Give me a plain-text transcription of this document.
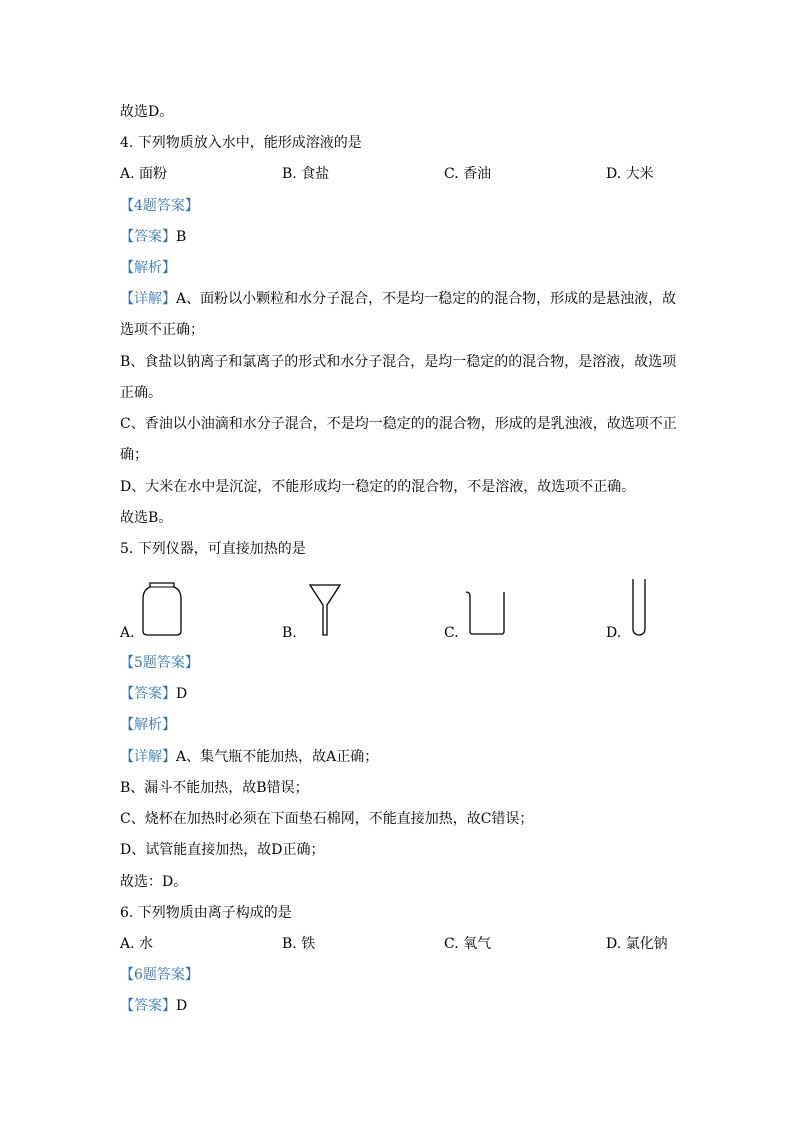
故选D。
4. 下列物质放入水中，能形成溶液的是
A. 面粉	B. 食盐	C. 香油	D. 大米
【4题答案】
【答案】B
【解析】
【详解】A、面粉以小颗粒和水分子混合，不是均一稳定的的混合物，形成的是悬浊液，故
选项不正确；
B、食盐以钠离子和氯离子的形式和水分子混合，是均一稳定的的混合物，是溶液，故选项
正确。
C、香油以小油滴和水分子混合，不是均一稳定的的混合物，形成的是乳浊液，故选项不正
确；
D、大米在水中是沉淀，不能形成均一稳定的的混合物，不是溶液，故选项不正确。
故选B。
5. 下列仪器，可直接加热的是
A.	B.	C.	D.
【5题答案】
【答案】D
【解析】
【详解】A、集气瓶不能加热，故A正确；
B、漏斗不能加热，故B错误；
C、烧杯在加热时必须在下面垫石棉网，不能直接加热，故C错误；
D、试管能直接加热，故D正确；
故选：D。
6. 下列物质由离子构成的是
A. 水	B. 铁	C. 氧气	D. 氯化钠
【6题答案】
【答案】D
